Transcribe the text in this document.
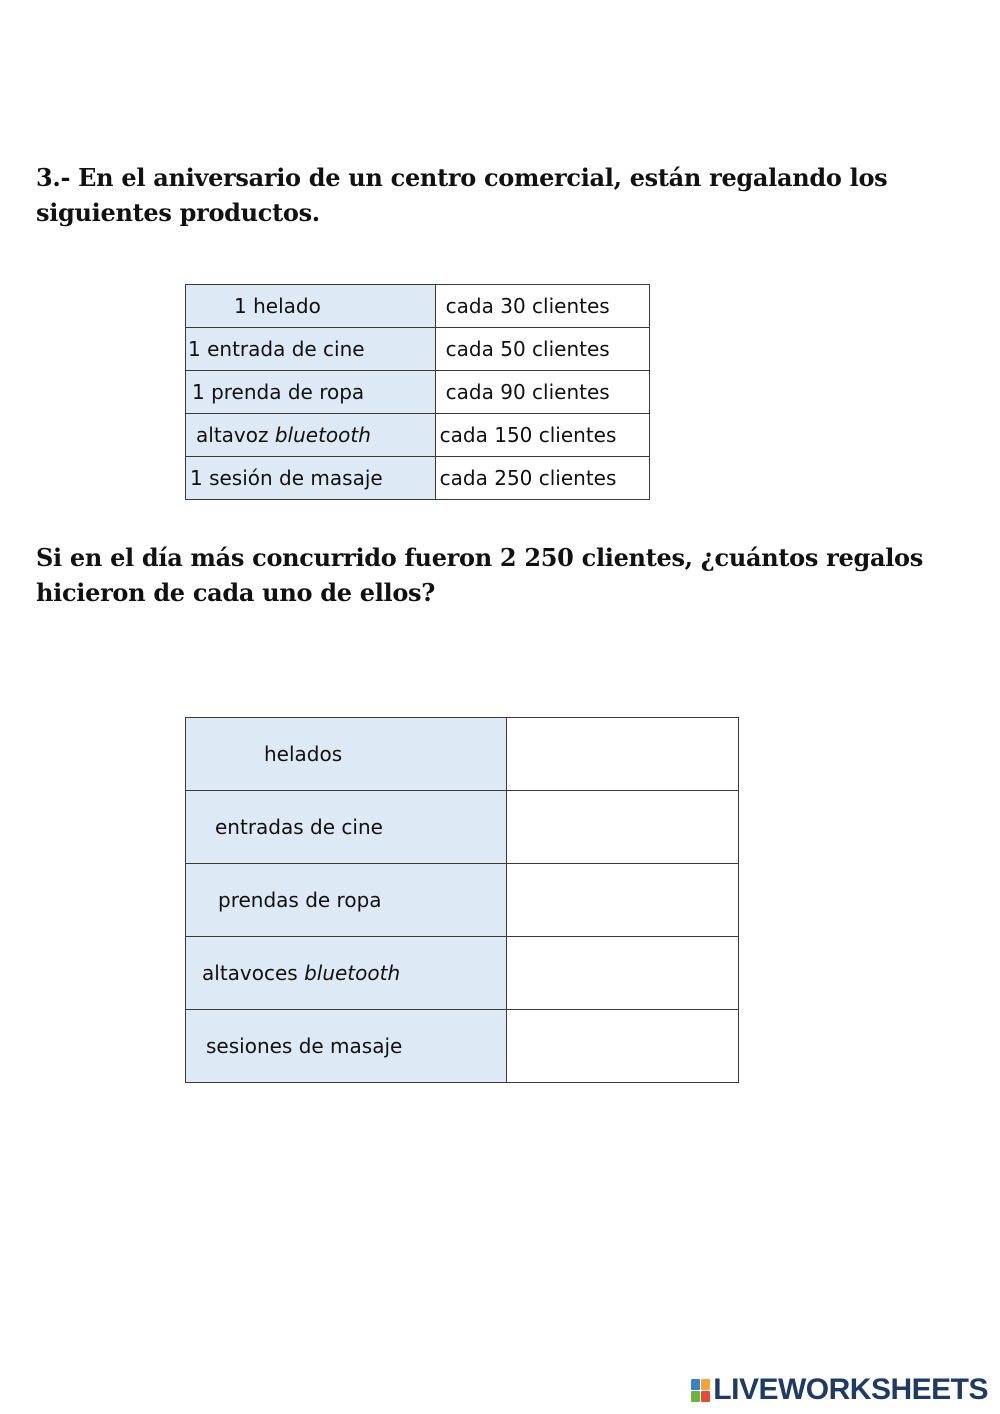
3.- En el aniversario de un centro comercial, están regalando los siguientes productos.

1 helado	cada 30 clientes
1 entrada de cine	cada 50 clientes
1 prenda de ropa	cada 90 clientes
altavoz bluetooth	cada 150 clientes
1 sesión de masaje	cada 250 clientes

Si en el día más concurrido fueron 2 250 clientes, ¿cuántos regalos hicieron de cada uno de ellos?

helados	
entradas de cine	
prendas de ropa	
altavoces bluetooth	
sesiones de masaje	
LIVEWORKSHEETS
